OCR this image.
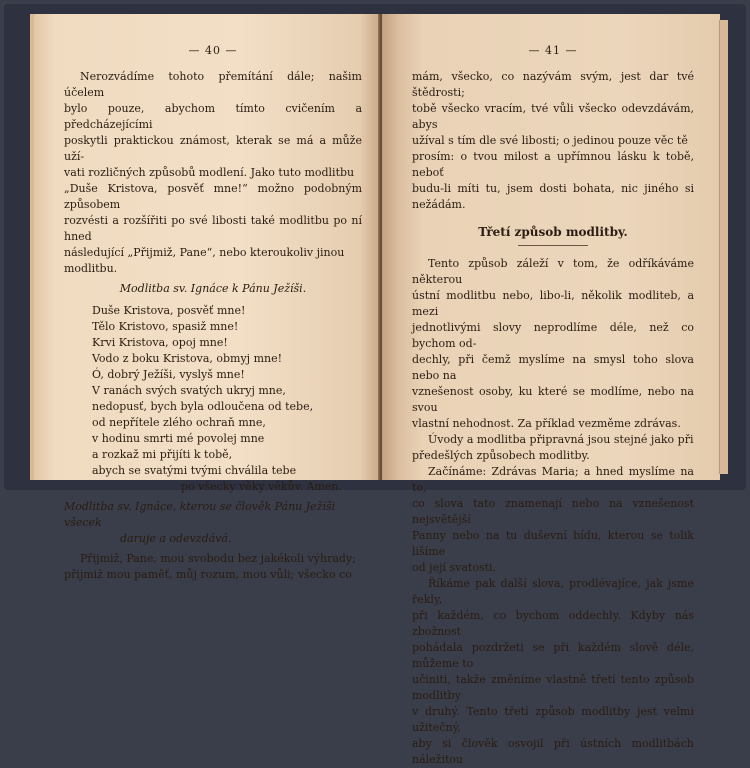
— 40 —

Nerozvádíme tohoto přemítání dále; našim účelem

bylo pouze, abychom tímto cvičením a předcházejícími

poskytli praktickou známost, kterak se má a může uží-

vati rozličných způsobů modlení. Jako tuto modlitbu

„Duše Kristova, posvěť mne!“ možno podobným způsobem

rozvésti a rozšířiti po své libosti také modlitbu po ní hned

následující „Přijmiž, Pane“, nebo kteroukoliv jinou

modlitbu.

Modlitba sv. Ignáce k Pánu Ježíši.
Duše Kristova, posvěť mne!
Tělo Kristovo, spasiž mne!
Krvi Kristova, opoj mne!
Vodo z boku Kristova, obmyj mne!
Ó, dobrý Ježíši, vyslyš mne!
V ranách svých svatých ukryj mne,
nedopusť, bych byla odloučena od tebe,
od nepřítele zlého ochraň mne,
v hodinu smrti mé povolej mne
a rozkaž mi přijíti k tobě,
abych se svatými tvými chválila tebe
po všecky věky věkův. Amen.
Modlitba sv. Ignáce, kterou se člověk Pánu Ježíši všecek
daruje a odevzdává.

Přijmiž, Pane, mou svobodu bez jakékoli výhrady;

přijmiž mou paměť, můj rozum, mou vůli; všecko co

— 41 —

mám, všecko, co nazývám svým, jest dar tvé štědrosti;

tobě všecko vracím, tvé vůli všecko odevzdávám, abys

užíval s tím dle své libosti; o jedinou pouze věc tě

prosím: o tvou milost a upřímnou lásku k tobě, neboť

budu-li míti tu, jsem dosti bohata, nic jiného si nežádám.

Třetí způsob modlitby.

Tento způsob záleží v tom, že odříkáváme některou

ústní modlitbu nebo, libo-li, několik modliteb, a mezi

jednotlivými slovy neprodlíme déle, než co bychom od-

dechly, při čemž myslíme na smysl toho slova nebo na

vznešenost osoby, ku které se modlíme, nebo na svou

vlastní nehodnost. Za příklad vezměme zdrávas.

Úvody a modlitba připravná jsou stejné jako při

předešlých způsobech modlitby.

Začínáme: Zdrávas Maria; a hned myslíme na to,

co slova tato znamenají nebo na vznešenost nejsvětější

Panny nebo na tu duševní bídu, kterou se tolik lišíme

od její svatosti.

Říkáme pak další slova, prodlévajíce, jak jsme řekly,

při každém, co bychom oddechly. Kdyby nás zbožnost

pohádala pozdržeti se při každém slově déle, můžeme to

učiniti, takže změníme vlastně třetí tento způsob modlitby

v druhý. Tento třetí způsob modlitby jest velmi užitečný,

aby si člověk osvojil při ústních modlitbách náležitou
